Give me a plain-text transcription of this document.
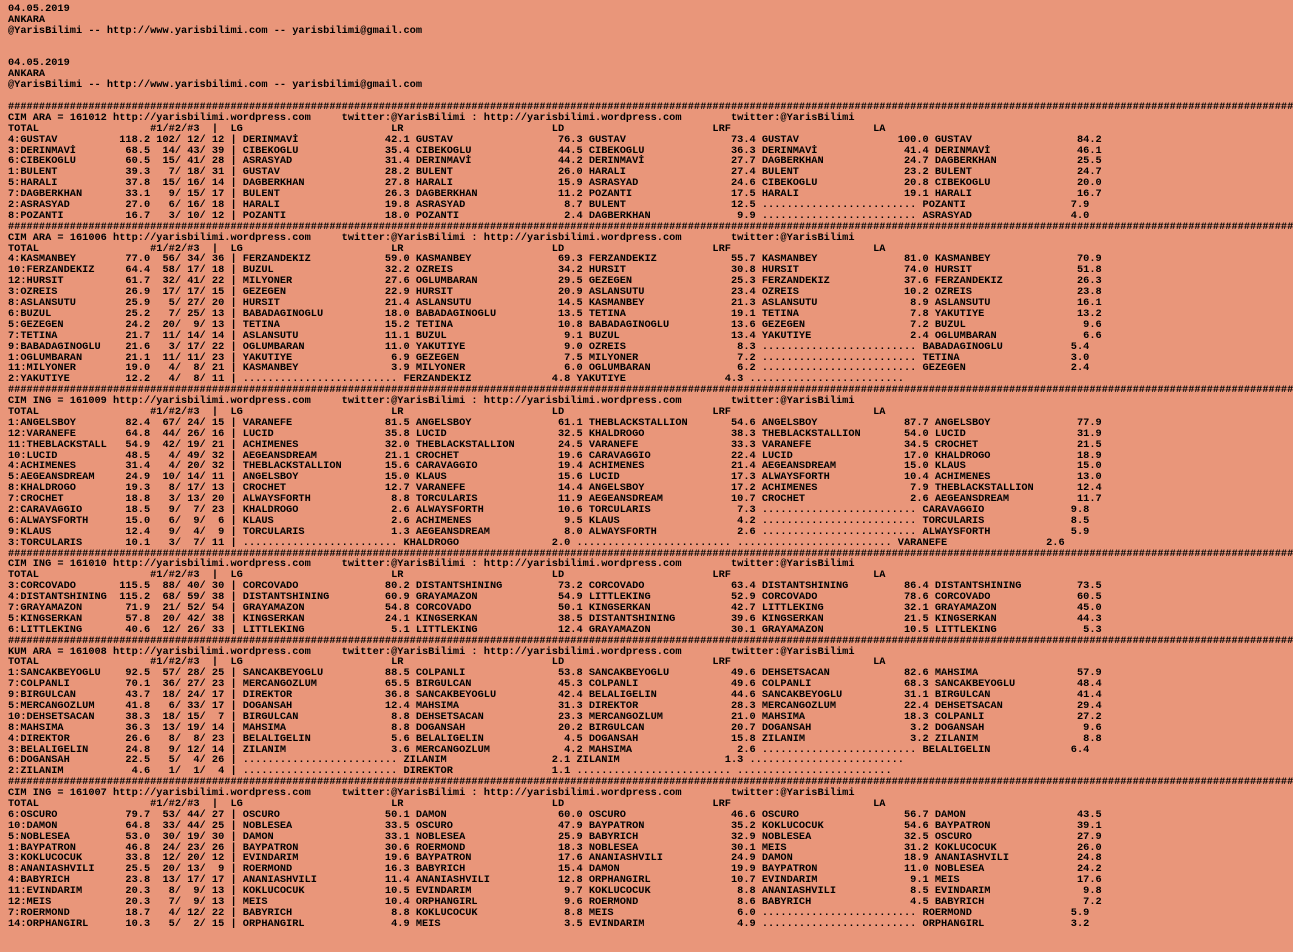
04.05.2019
ANKARA
@YarisBilimi -- http://www.yarisbilimi.com -- yarisbilimi@gmail.com
04.05.2019
ANKARA
@YarisBilimi -- http://www.yarisbilimi.com -- yarisbilimi@gmail.com
################################################################################################################################################################################################################
CIM ARA = 161012 http://yarisbilimi.wordpress.com     twitter:@YarisBilimi : http://yarisbilimi.wordpress.com        twitter:@YarisBilimi
TOTAL                  #1/#2/#3  |  LG                        LR                        LD                        LRF                       LA
4:GUSTAV          118.2 102/ 12/ 12 | DERINMAVİ              42.1 GUSTAV                 76.3 GUSTAV                 73.4 GUSTAV                100.0 GUSTAV                 84.2
3:DERINMAVİ        68.5  14/ 43/ 39 | CIBEKOGLU              35.4 CIBEKOGLU              44.5 CIBEKOGLU              36.3 DERINMAVİ              41.4 DERINMAVİ              46.1
6:CIBEKOGLU        60.5  15/ 41/ 28 | ASRASYAD               31.4 DERINMAVİ              44.2 DERINMAVİ              27.7 DAGBERKHAN             24.7 DAGBERKHAN             25.5
1:BULENT           39.3   7/ 18/ 31 | GUSTAV                 28.2 BULENT                 26.0 HARALI                 27.4 BULENT                 23.2 BULENT                 24.7
5:HARALI           37.8  15/ 16/ 14 | DAGBERKHAN             27.8 HARALI                 15.9 ASRASYAD               24.6 CIBEKOGLU              20.8 CIBEKOGLU              20.0
7:DAGBERKHAN       33.1   9/ 15/ 17 | BULENT                 26.3 DAGBERKHAN             11.2 POZANTI                17.5 HARALI                 19.1 HARALI                 16.7
2:ASRASYAD         27.0   6/ 16/ 18 | HARALI                 19.8 ASRASYAD                8.7 BULENT                 12.5 ......................... POZANTI                 7.9
8:POZANTI          16.7   3/ 10/ 12 | POZANTI                18.0 POZANTI                 2.4 DAGBERKHAN              9.9 ......................... ASRASYAD                4.0
################################################################################################################################################################################################################
CIM ARA = 161006 http://yarisbilimi.wordpress.com     twitter:@YarisBilimi : http://yarisbilimi.wordpress.com        twitter:@YarisBilimi
TOTAL                  #1/#2/#3  |  LG                        LR                        LD                        LRF                       LA
4:KASMANBEY        77.0  56/ 34/ 36 | FERZANDEKIZ            59.0 KASMANBEY              69.3 FERZANDEKIZ            55.7 KASMANBEY              81.0 KASMANBEY              70.9
10:FERZANDEKIZ     64.4  58/ 17/ 18 | BUZUL                  32.2 OZREIS                 34.2 HURSIT                 30.8 HURSIT                 74.0 HURSIT                 51.8
12:HURSIT          61.7  32/ 41/ 22 | MILYONER               27.6 OGLUMBARAN             29.5 GEZEGEN                25.3 FERZANDEKIZ            37.6 FERZANDEKIZ            26.3
3:OZREIS           26.9  17/ 17/ 15 | GEZEGEN                22.9 HURSIT                 20.9 ASLANSUTU              23.4 OZREIS                 10.2 OZREIS                 23.8
8:ASLANSUTU        25.9   5/ 27/ 20 | HURSIT                 21.4 ASLANSUTU              14.5 KASMANBEY              21.3 ASLANSUTU               8.9 ASLANSUTU              16.1
6:BUZUL            25.2   7/ 25/ 13 | BABADAGINOGLU          18.0 BABADAGINOGLU          13.5 TETINA                 19.1 TETINA                  7.8 YAKUTIYE               13.2
5:GEZEGEN          24.2  20/  9/ 13 | TETINA                 15.2 TETINA                 10.8 BABADAGINOGLU          13.6 GEZEGEN                 7.2 BUZUL                   9.6
7:TETINA           21.7  11/ 14/ 14 | ASLANSUTU              11.1 BUZUL                   9.1 BUZUL                  13.4 YAKUTIYE                2.4 OGLUMBARAN              6.6
9:BABADAGINOGLU    21.6   3/ 17/ 22 | OGLUMBARAN             11.0 YAKUTIYE                9.0 OZREIS                  8.3 ......................... BABADAGINOGLU           5.4
1:OGLUMBARAN       21.1  11/ 11/ 23 | YAKUTIYE                6.9 GEZEGEN                 7.5 MILYONER                7.2 ......................... TETINA                  3.0
11:MILYONER        19.0   4/  8/ 21 | KASMANBEY               3.9 MILYONER                6.0 OGLUMBARAN              6.2 ......................... GEZEGEN                 2.4
2:YAKUTIYE         12.2   4/  8/ 11 | ......................... FERZANDEKIZ             4.8 YAKUTIYE                4.3 .........................
################################################################################################################################################################################################################
CIM ING = 161009 http://yarisbilimi.wordpress.com     twitter:@YarisBilimi : http://yarisbilimi.wordpress.com        twitter:@YarisBilimi
TOTAL                  #1/#2/#3  |  LG                        LR                        LD                        LRF                       LA
1:ANGELSBOY        82.4  67/ 24/ 15 | VARANEFE               81.5 ANGELSBOY              61.1 THEBLACKSTALLION       54.6 ANGELSBOY              87.7 ANGELSBOY              77.9
12:VARANEFE        64.8  44/ 26/ 16 | LUCID                  35.8 LUCID                  32.5 KHALDROGO              38.3 THEBLACKSTALLION       54.0 LUCID                  31.9
11:THEBLACKSTALL   54.9  42/ 19/ 21 | ACHIMENES              32.0 THEBLACKSTALLION       24.5 VARANEFE               33.3 VARANEFE               34.5 CROCHET                21.5
10:LUCID           48.5   4/ 49/ 32 | AEGEANSDREAM           21.1 CROCHET                19.6 CARAVAGGIO             22.4 LUCID                  17.0 KHALDROGO              18.9
4:ACHIMENES        31.4   4/ 20/ 32 | THEBLACKSTALLION       15.6 CARAVAGGIO             19.4 ACHIMENES              21.4 AEGEANSDREAM           15.0 KLAUS                  15.0
5:AEGEANSDREAM     24.9  10/ 14/ 11 | ANGELSBOY              15.0 KLAUS                  15.6 LUCID                  17.3 ALWAYSFORTH            10.4 ACHIMENES              13.0
8:KHALDROGO        19.3   8/ 17/ 13 | CROCHET                12.7 VARANEFE               14.4 ANGELSBOY              17.2 ACHIMENES               7.9 THEBLACKSTALLION       12.4
7:CROCHET          18.8   3/ 13/ 20 | ALWAYSFORTH             8.8 TORCULARIS             11.9 AEGEANSDREAM           10.7 CROCHET                 2.6 AEGEANSDREAM           11.7
2:CARAVAGGIO       18.5   9/  7/ 23 | KHALDROGO               2.6 ALWAYSFORTH            10.6 TORCULARIS              7.3 ......................... CARAVAGGIO              9.8
6:ALWAYSFORTH      15.0   6/  9/  6 | KLAUS                   2.6 ACHIMENES               9.5 KLAUS                   4.2 ......................... TORCULARIS              8.5
9:KLAUS            12.4   9/  4/  9 | TORCULARIS              1.3 AEGEANSDREAM            8.0 ALWAYSFORTH             2.6 ......................... ALWAYSFORTH             5.9
3:TORCULARIS       10.1   3/  7/ 11 | ......................... KHALDROGO               2.0 ......................... ......................... VARANEFE                2.6
################################################################################################################################################################################################################
CIM ING = 161010 http://yarisbilimi.wordpress.com     twitter:@YarisBilimi : http://yarisbilimi.wordpress.com        twitter:@YarisBilimi
TOTAL                  #1/#2/#3  |  LG                        LR                        LD                        LRF                       LA
3:CORCOVADO       115.5  88/ 40/ 30 | CORCOVADO              80.2 DISTANTSHINING         73.2 CORCOVADO              63.4 DISTANTSHINING         86.4 DISTANTSHINING         73.5
4:DISTANTSHINING  115.2  68/ 59/ 38 | DISTANTSHINING         60.9 GRAYAMAZON             54.9 LITTLEKING             52.9 CORCOVADO              78.6 CORCOVADO              60.5
7:GRAYAMAZON       71.9  21/ 52/ 54 | GRAYAMAZON             54.8 CORCOVADO              50.1 KINGSERKAN             42.7 LITTLEKING             32.1 GRAYAMAZON             45.0
5:KINGSERKAN       57.8  20/ 42/ 38 | KINGSERKAN             24.1 KINGSERKAN             38.5 DISTANTSHINING         39.6 KINGSERKAN             21.5 KINGSERKAN             44.3
6:LITTLEKING       40.6  12/ 26/ 33 | LITTLEKING              5.1 LITTLEKING             12.4 GRAYAMAZON             30.1 GRAYAMAZON             10.5 LITTLEKING              5.3
################################################################################################################################################################################################################
KUM ARA = 161008 http://yarisbilimi.wordpress.com     twitter:@YarisBilimi : http://yarisbilimi.wordpress.com        twitter:@YarisBilimi
TOTAL                  #1/#2/#3  |  LG                        LR                        LD                        LRF                       LA
1:SANCAKBEYOGLU    92.5  57/ 28/ 25 | SANCAKBEYOGLU          88.5 COLPANLI               53.8 SANCAKBEYOGLU          49.6 DEHSETSACAN            82.6 MAHSIMA                57.9
7:COLPANLI         70.1  36/ 27/ 23 | MERCANGOZLUM           65.5 BIRGULCAN              45.3 COLPANLI               49.6 COLPANLI               68.3 SANCAKBEYOGLU          48.4
9:BIRGULCAN        43.7  18/ 24/ 17 | DIREKTOR               36.8 SANCAKBEYOGLU          42.4 BELALIGELIN            44.6 SANCAKBEYOGLU          31.1 BIRGULCAN              41.4
5:MERCANGOZLUM     41.8   6/ 33/ 17 | DOGANSAH               12.4 MAHSIMA                31.3 DIREKTOR               28.3 MERCANGOZLUM           22.4 DEHSETSACAN            29.4
10:DEHSETSACAN     38.3  18/ 15/  7 | BIRGULCAN               8.8 DEHSETSACAN            23.3 MERCANGOZLUM           21.0 MAHSIMA                18.3 COLPANLI               27.2
8:MAHSIMA          36.3  13/ 19/ 14 | MAHSIMA                 8.8 DOGANSAH               20.2 BIRGULCAN              20.7 DOGANSAH                3.2 DOGANSAH                9.6
4:DIREKTOR         26.6   8/  8/ 23 | BELALIGELIN             5.6 BELALIGELIN             4.5 DOGANSAH               15.8 ZILANIM                 3.2 ZILANIM                 8.8
3:BELALIGELIN      24.8   9/ 12/ 14 | ZILANIM                 3.6 MERCANGOZLUM            4.2 MAHSIMA                 2.6 ......................... BELALIGELIN             6.4
6:DOGANSAH         22.5   5/  4/ 26 | ......................... ZILANIM                 2.1 ZILANIM                 1.3 .........................
2:ZILANIM           4.6   1/  1/  4 | ......................... DIREKTOR                1.1 ......................... .........................
################################################################################################################################################################################################################
CIM ING = 161007 http://yarisbilimi.wordpress.com     twitter:@YarisBilimi : http://yarisbilimi.wordpress.com        twitter:@YarisBilimi
TOTAL                  #1/#2/#3  |  LG                        LR                        LD                        LRF                       LA
6:OSCURO           79.7  53/ 44/ 27 | OSCURO                 50.1 DAMON                  60.0 OSCURO                 46.6 OSCURO                 56.7 DAMON                  43.5
10:DAMON           64.8  33/ 44/ 25 | NOBLESEA               33.5 OSCURO                 47.9 BAYPATRON              35.2 KOKLUCOCUK             54.6 BAYPATRON              39.1
5:NOBLESEA         53.0  30/ 19/ 30 | DAMON                  33.1 NOBLESEA               25.9 BABYRICH               32.9 NOBLESEA               32.5 OSCURO                 27.9
1:BAYPATRON        46.8  24/ 23/ 26 | BAYPATRON              30.6 ROERMOND               18.3 NOBLESEA               30.1 MEIS                   31.2 KOKLUCOCUK             26.0
3:KOKLUCOCUK       33.8  12/ 20/ 12 | EVINDARIM              19.6 BAYPATRON              17.6 ANANIASHVILI           24.9 DAMON                  18.9 ANANIASHVILI           24.8
8:ANANIASHVILI     25.5  20/ 13/  9 | ROERMOND               16.3 BABYRICH               15.4 DAMON                  19.9 BAYPATRON              11.0 NOBLESEA               24.2
4:BABYRICH         23.8  13/ 17/ 17 | ANANIASHVILI           11.4 ANANIASHVILI           12.8 ORPHANGIRL             10.7 EVINDARIM               9.1 MEIS                   17.6
11:EVINDARIM       20.3   8/  9/ 13 | KOKLUCOCUK             10.5 EVINDARIM               9.7 KOKLUCOCUK              8.8 ANANIASHVILI            8.5 EVINDARIM               9.8
12:MEIS            20.3   7/  9/ 13 | MEIS                   10.4 ORPHANGIRL              9.6 ROERMOND                8.6 BABYRICH                4.5 BABYRICH                7.2
7:ROERMOND         18.7   4/ 12/ 22 | BABYRICH                8.8 KOKLUCOCUK              8.8 MEIS                    6.0 ......................... ROERMOND                5.9
14:ORPHANGIRL      10.3   5/  2/ 15 | ORPHANGIRL              4.9 MEIS                    3.5 EVINDARIM               4.9 ......................... ORPHANGIRL              3.2
